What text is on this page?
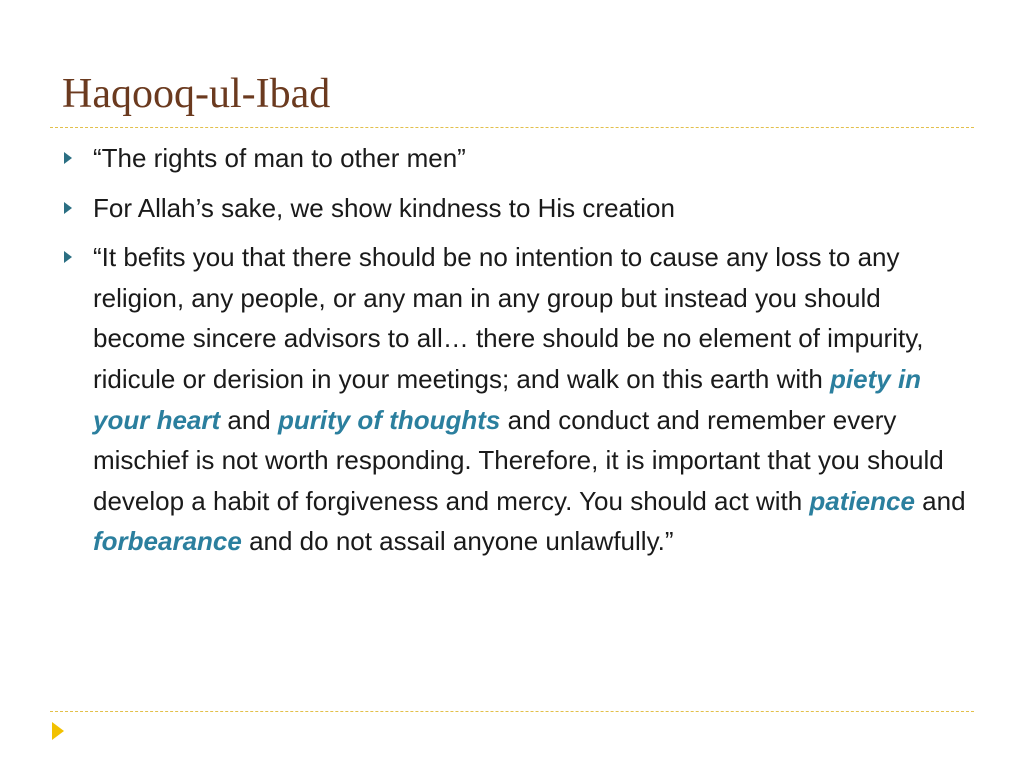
Haqooq-ul-Ibad
“The rights of man to other men”
For Allah’s sake, we show kindness to His creation
“It befits you that there should be no intention to cause any loss to any religion, any people, or any man in any group but instead you should become sincere advisors to all… there should be no element of impurity, ridicule or derision in your meetings; and walk on this earth with piety in your heart and purity of thoughts and conduct and remember every mischief is not worth responding. Therefore, it is important that you should develop a habit of forgiveness and mercy. You should act with patience and forbearance and do not assail anyone unlawfully.”
